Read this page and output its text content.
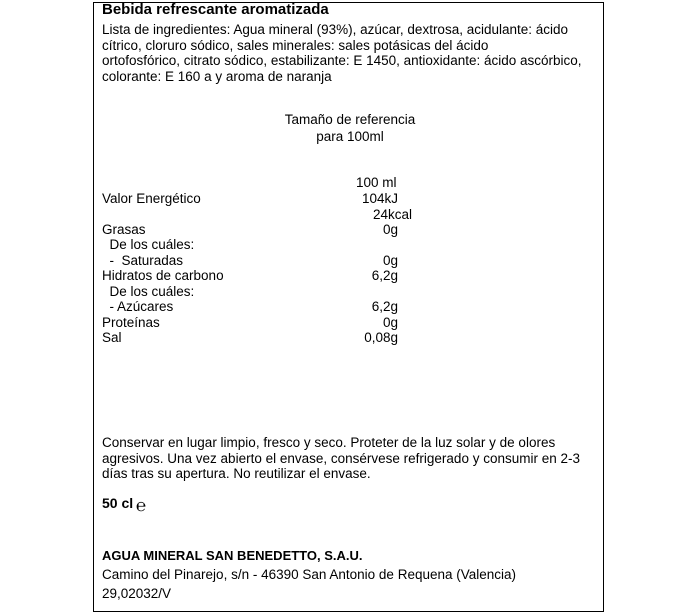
Bebida refrescante aromatizada
Lista de ingredientes: Agua mineral (93%), azúcar, dextrosa, acidulante: ácido
cítrico, cloruro sódico, sales minerales: sales potásicas del ácido
ortofosfórico, citrato sódico, estabilizante: E 1450, antioxidante: ácido ascórbico,
colorante: E 160 a y aroma de naranja
Tamaño de referencia
para 100ml
100 ml
Valor Energético	104kJ
24kcal
Grasas	0g
De los cuáles:
-  Saturadas	0g
Hidratos de carbono	6,2g
De los cuáles:
- Azúcares	6,2g
Proteínas	0g
Sal	0,08g
Conservar en lugar limpio, fresco y seco. Proteter de la luz solar y de olores
agresivos. Una vez abierto el envase, consérvese refrigerado y consumir en 2-3
días tras su apertura. No reutilizar el envase.
50 cl ℮
AGUA MINERAL SAN BENEDETTO, S.A.U.
Camino del Pinarejo, s/n - 46390 San Antonio de Requena (Valencia)
29,02032/V
